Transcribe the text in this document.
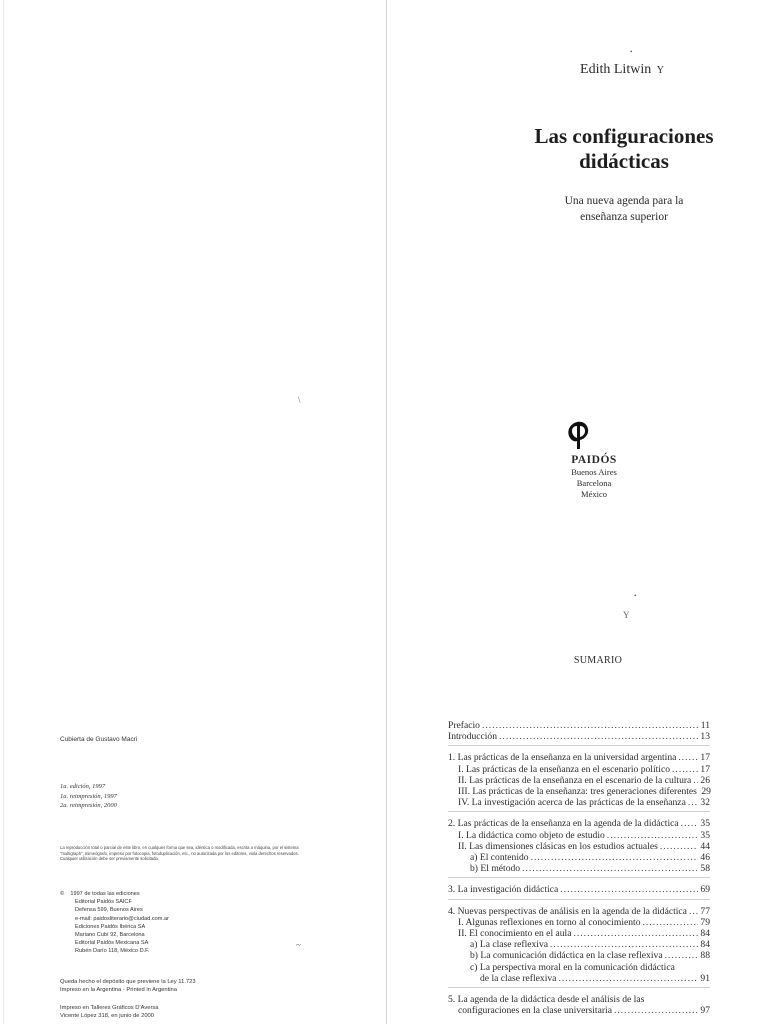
Cubierta de Gustavo Macri
1a. edición, 1997
1a. reimpresión, 1997
2a. reimpresión, 2000
La reproducción total o parcial de este libro, en cualquier forma que sea, idéntica o modificada, escrita a máquina, por el sistema "multigraph", mimeógrafo, impreso por fotocopia, fotoduplicación, etc., no autorizada por los editores, viola derechos reservados. Cualquier utilización debe ser previamente solicitada.
© 1997 de todas las ediciones
Editorial Paidós SAICF
Defensa 599, Buenos Aires
e-mail: paidosliterario@ciudad.com.ar
Ediciones Paidós Ibérica SA
Mariano Cubí 92, Barcelona
Editorial Paidós Mexicana SA
Rubén Darío 118, México D.F.
Queda hecho el depósito que previene la Ley 11.723
Impreso en la Argentina - Printed in Argentina
Impreso en Talleres Gráficos D'Aversa
Vicente López 318, en junio de 2000
\
~
Edith Litwin Y
Las configuraciones
didácticas
Una nueva agenda para la
enseñanza superior
PAIDÓS
Buenos Aires
Barcelona
México
•
•
Y
SUMARIO
Prefacio .....	11
Introducción .....	13
1. Las prácticas de la enseñanza en la universidad argentina .....	17
I. Las prácticas de la enseñanza en el escenario político .....	17
II. Las prácticas de la enseñanza en el escenario de la cultura ..... 26
III. Las prácticas de la enseñanza: tres generaciones diferentes 29
IV. La investigación acerca de las prácticas de la enseñanza ..... 32
2. Las prácticas de la enseñanza en la agenda de la didáctica ..... 35
I. La didáctica como objeto de estudio .....	35
II. Las dimensiones clásicas en los estudios actuales .....	44
a) El contenido .....	46
b) El método .....	58
3. La investigación didáctica .....	69
4. Nuevas perspectivas de análisis en la agenda de la didáctica ..... 77
I. Algunas reflexiones en torno al conocimiento .....	79
II. El conocimiento en el aula .....	84
a) La clase reflexiva .....	84
b) La comunicación didáctica en la clase reflexiva .....	88
c) La perspectiva moral en la comunicación didáctica
de la clase reflexiva .....	91
5. La agenda de la didáctica desde el análisis de las
configuraciones en la clase universitaria .....	97
